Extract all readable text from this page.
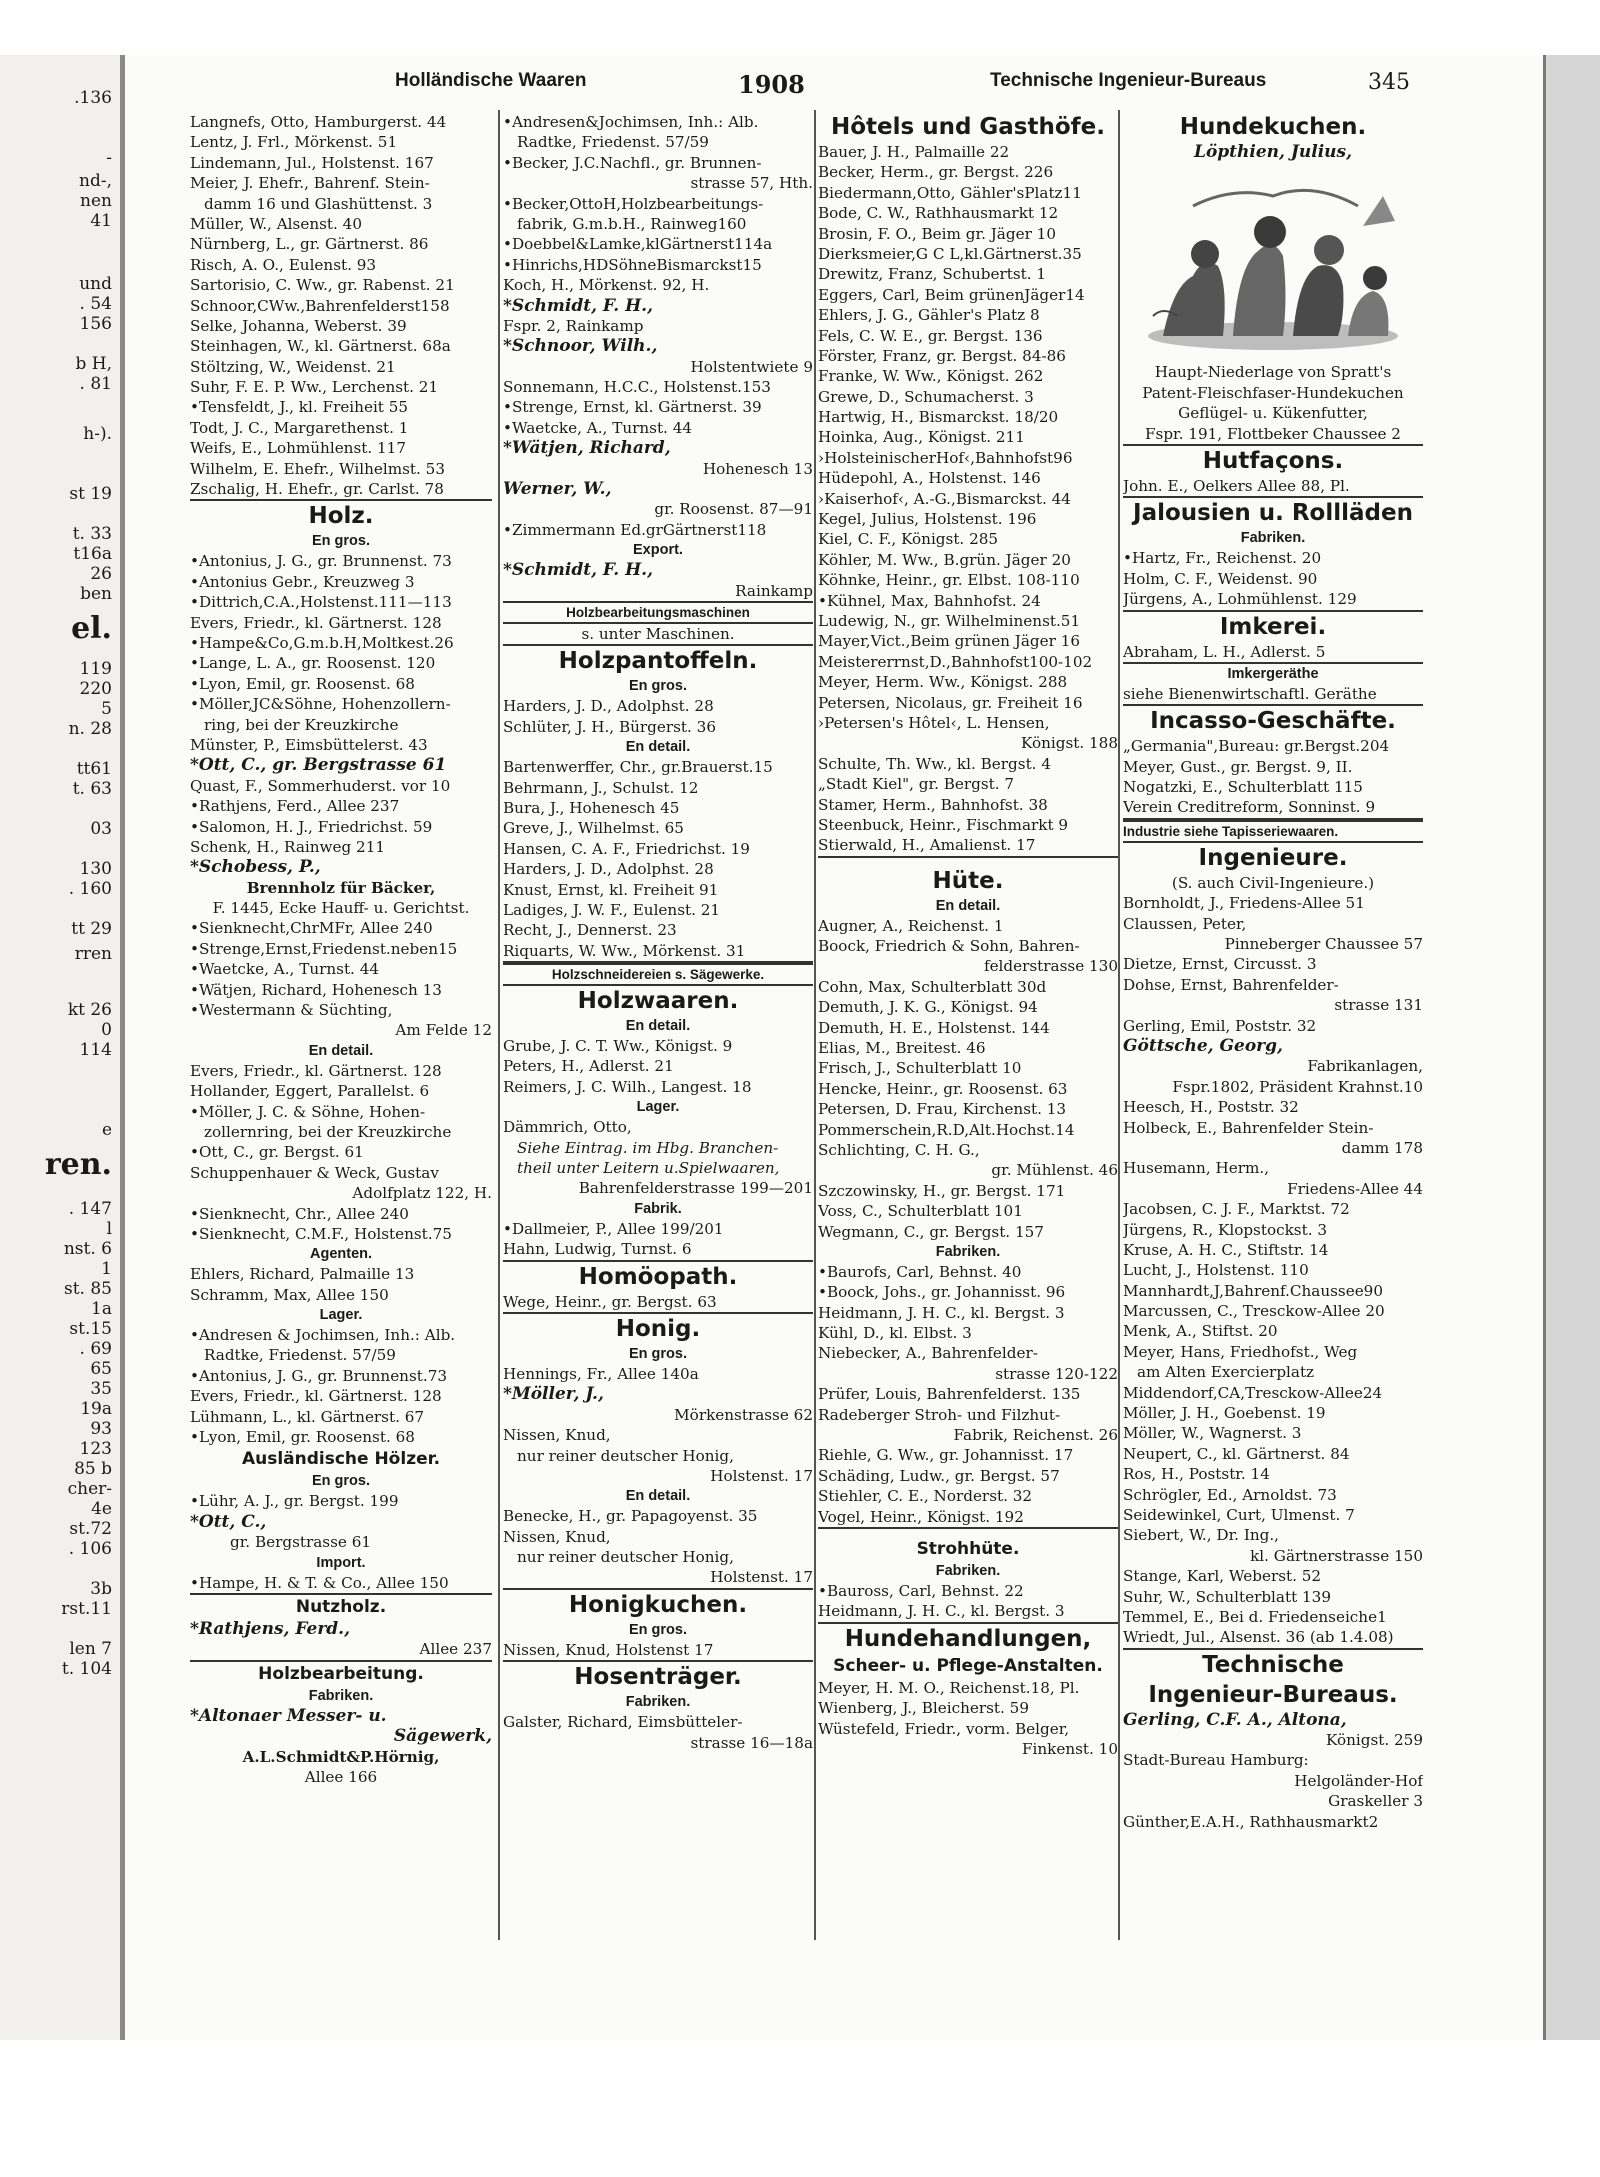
.136
-
nd-,
nen
41
und
. 54
156
b H,
. 81
h-).
st 19
t. 33
t16a
26
ben
el.
119
220
5
n. 28
tt61
t. 63
03
130
. 160
tt 29
rren
kt 26
0
114
e
ren.
. 147
l
nst. 6
1
st. 85
1a
st.15
. 69
65
35
19a
93
123
85 b
cher-
4e
st.72
. 106
3b
rst.11
len 7
t. 104
Holländische Waaren	1908	Technische Ingenieur-Bureaus	345
Langnefs, Otto, Hamburgerst. 44
Lentz, J. Frl., Mörkenst. 51
Lindemann, Jul., Holstenst. 167
Meier, J. Ehefr., Bahrenf. Stein-
damm 16 und Glashüttenst. 3
Müller, W., Alsenst. 40
Nürnberg, L., gr. Gärtnerst. 86
Risch, A. O., Eulenst. 93
Sartorisio, C. Ww., gr. Rabenst. 21
Schnoor,CWw.,Bahrenfelderst158
Selke, Johanna, Weberst. 39
Steinhagen, W., kl. Gärtnerst. 68a
Stöltzing, W., Weidenst. 21
Suhr, F. E. P. Ww., Lerchenst. 21
•Tensfeldt, J., kl. Freiheit 55
Todt, J. C., Margarethenst. 1
Weifs, E., Lohmühlenst. 117
Wilhelm, E. Ehefr., Wilhelmst. 53
Zschalig, H. Ehefr., gr. Carlst. 78
Holz.
En gros.
•Antonius, J. G., gr. Brunnenst. 73
•Antonius Gebr., Kreuzweg 3
•Dittrich,C.A.,Holstenst.111—113
Evers, Friedr., kl. Gärtnerst. 128
•Hampe&Co,G.m.b.H,Moltkest.26
•Lange, L. A., gr. Roosenst. 120
•Lyon, Emil, gr. Roosenst. 68
•Möller,JC&Söhne, Hohenzollern-
ring, bei der Kreuzkirche
Münster, P., Eimsbüttelerst. 43
*Ott, C., gr. Bergstrasse 61
Quast, F., Sommerhuderst. vor 10
•Rathjens, Ferd., Allee 237
•Salomon, H. J., Friedrichst. 59
Schenk, H., Rainweg 211
*Schobess, P.,
Brennholz für Bäcker,
F. 1445, Ecke Hauff- u. Gerichtst.
•Sienknecht,ChrMFr, Allee 240
•Strenge,Ernst,Friedenst.neben15
•Waetcke, A., Turnst. 44
•Wätjen, Richard, Hohenesch 13
•Westermann & Süchting,
Am Felde 12
En detail.
Evers, Friedr., kl. Gärtnerst. 128
Hollander, Eggert, Parallelst. 6
•Möller, J. C. & Söhne, Hohen-
zollernring, bei der Kreuzkirche
•Ott, C., gr. Bergst. 61
Schuppenhauer & Weck, Gustav
Adolfplatz 122, H.
•Sienknecht, Chr., Allee 240
•Sienknecht, C.M.F., Holstenst.75
Agenten.
Ehlers, Richard, Palmaille 13
Schramm, Max, Allee 150
Lager.
•Andresen & Jochimsen, Inh.: Alb.
Radtke, Friedenst. 57/59
•Antonius, J. G., gr. Brunnenst.73
Evers, Friedr., kl. Gärtnerst. 128
Lühmann, L., kl. Gärtnerst. 67
•Lyon, Emil, gr. Roosenst. 68
Ausländische Hölzer.
En gros.
•Lühr, A. J., gr. Bergst. 199
*Ott, C.,
gr. Bergstrasse 61
Import.
•Hampe, H. & T. & Co., Allee 150
Nutzholz.
*Rathjens, Ferd.,
Allee 237
Holzbearbeitung.
Fabriken.
*Altonaer Messer- u.
Sägewerk,
A.L.Schmidt&P.Hörnig,
Allee 166
•Andresen&Jochimsen, Inh.: Alb.
Radtke, Friedenst. 57/59
•Becker, J.C.Nachfl., gr. Brunnen-
strasse 57, Hth.
•Becker,OttoH,Holzbearbeitungs-
fabrik, G.m.b.H., Rainweg160
•Doebbel&Lamke,klGärtnerst114a
•Hinrichs,HDSöhneBismarckst15
Koch, H., Mörkenst. 92, H.
*Schmidt, F. H.,
Fspr. 2, Rainkamp
*Schnoor, Wilh.,
Holstentwiete 9
Sonnemann, H.C.C., Holstenst.153
•Strenge, Ernst, kl. Gärtnerst. 39
•Waetcke, A., Turnst. 44
*Wätjen, Richard,
Hohenesch 13
Werner, W.,
gr. Roosenst. 87—91
•Zimmermann Ed.grGärtnerst118
Export.
*Schmidt, F. H.,
Rainkamp
Holzbearbeitungsmaschinen
s. unter Maschinen.
Holzpantoffeln.
En gros.
Harders, J. D., Adolphst. 28
Schlüter, J. H., Bürgerst. 36
En detail.
Bartenwerffer, Chr., gr.Brauerst.15
Behrmann, J., Schulst. 12
Bura, J., Hohenesch 45
Greve, J., Wilhelmst. 65
Hansen, C. A. F., Friedrichst. 19
Harders, J. D., Adolphst. 28
Knust, Ernst, kl. Freiheit 91
Ladiges, J. W. F., Eulenst. 21
Recht, J., Dennerst. 23
Riquarts, W. Ww., Mörkenst. 31
Holzschneidereien s. Sägewerke.
Holzwaaren.
En detail.
Grube, J. C. T. Ww., Königst. 9
Peters, H., Adlerst. 21
Reimers, J. C. Wilh., Langest. 18
Lager.
Dämmrich, Otto,
Siehe Eintrag. im Hbg. Branchen-
theil unter Leitern u.Spielwaaren,
Bahrenfelderstrasse 199—201
Fabrik.
•Dallmeier, P., Allee 199/201
Hahn, Ludwig, Turnst. 6
Homöopath.
Wege, Heinr., gr. Bergst. 63
Honig.
En gros.
Hennings, Fr., Allee 140a
*Möller, J.,
Mörkenstrasse 62
Nissen, Knud,
nur reiner deutscher Honig,
Holstenst. 17
En detail.
Benecke, H., gr. Papagoyenst. 35
Nissen, Knud,
nur reiner deutscher Honig,
Holstenst. 17
Honigkuchen.
En gros.
Nissen, Knud, Holstenst 17
Hosenträger.
Fabriken.
Galster, Richard, Eimsbütteler-
strasse 16—18a
Hôtels und Gasthöfe.
Bauer, J. H., Palmaille 22
Becker, Herm., gr. Bergst. 226
Biedermann,Otto, Gähler'sPlatz11
Bode, C. W., Rathhausmarkt 12
Brosin, F. O., Beim gr. Jäger 10
Dierksmeier,G C L,kl.Gärtnerst.35
Drewitz, Franz, Schubertst. 1
Eggers, Carl, Beim grünenJäger14
Ehlers, J. G., Gähler's Platz 8
Fels, C. W. E., gr. Bergst. 136
Förster, Franz, gr. Bergst. 84-86
Franke, W. Ww., Königst. 262
Grewe, D., Schumacherst. 3
Hartwig, H., Bismarckst. 18/20
Hoinka, Aug., Königst. 211
›HolsteinischerHof‹,Bahnhofst96
Hüdepohl, A., Holstenst. 146
›Kaiserhof‹, A.-G.,Bismarckst. 44
Kegel, Julius, Holstenst. 196
Kiel, C. F., Königst. 285
Köhler, M. Ww., B.grün. Jäger 20
Köhnke, Heinr., gr. Elbst. 108-110
•Kühnel, Max, Bahnhofst. 24
Ludewig, N., gr. Wilhelminenst.51
Mayer,Vict.,Beim grünen Jäger 16
Meistererrnst,D.,Bahnhofst100-102
Meyer, Herm. Ww., Königst. 288
Petersen, Nicolaus, gr. Freiheit 16
›Petersen's Hôtel‹, L. Hensen,
Königst. 188
Schulte, Th. Ww., kl. Bergst. 4
„Stadt Kiel", gr. Bergst. 7
Stamer, Herm., Bahnhofst. 38
Steenbuck, Heinr., Fischmarkt 9
Stierwald, H., Amalienst. 17
Hüte.
En detail.
Augner, A., Reichenst. 1
Boock, Friedrich & Sohn, Bahren-
felderstrasse 130
Cohn, Max, Schulterblatt 30d
Demuth, J. K. G., Königst. 94
Demuth, H. E., Holstenst. 144
Elias, M., Breitest. 46
Frisch, J., Schulterblatt 10
Hencke, Heinr., gr. Roosenst. 63
Petersen, D. Frau, Kirchenst. 13
Pommerschein,R.D,Alt.Hochst.14
Schlichting, C. H. G.,
gr. Mühlenst. 46
Szczowinsky, H., gr. Bergst. 171
Voss, C., Schulterblatt 101
Wegmann, C., gr. Bergst. 157
Fabriken.
•Baurofs, Carl, Behnst. 40
•Boock, Johs., gr. Johannisst. 96
Heidmann, J. H. C., kl. Bergst. 3
Kühl, D., kl. Elbst. 3
Niebecker, A., Bahrenfelder-
strasse 120-122
Prüfer, Louis, Bahrenfelderst. 135
Radeberger Stroh- und Filzhut-
Fabrik, Reichenst. 26
Riehle, G. Ww., gr. Johannisst. 17
Schäding, Ludw., gr. Bergst. 57
Stiehler, C. E., Norderst. 32
Vogel, Heinr., Königst. 192
Strohhüte.
Fabriken.
•Bauross, Carl, Behnst. 22
Heidmann, J. H. C., kl. Bergst. 3
Hundehandlungen,
Scheer- u. Pflege-Anstalten.
Meyer, H. M. O., Reichenst.18, Pl.
Wienberg, J., Bleicherst. 59
Wüstefeld, Friedr., vorm. Belger,
Finkenst. 10
Hundekuchen.
Löpthien, Julius,
Haupt-Niederlage von Spratt's
Patent-Fleischfaser-Hundekuchen
Geflügel- u. Kükenfutter,
Fspr. 191, Flottbeker Chaussee 2
Hutfaçons.
John. E., Oelkers Allee 88, Pl.
Jalousien u. Rollläden
Fabriken.
•Hartz, Fr., Reichenst. 20
Holm, C. F., Weidenst. 90
Jürgens, A., Lohmühlenst. 129
Imkerei.
Abraham, L. H., Adlerst. 5
Imkergeräthe
siehe Bienenwirtschaftl. Geräthe
Incasso-Geschäfte.
„Germania",Bureau: gr.Bergst.204
Meyer, Gust., gr. Bergst. 9, II.
Nogatzki, E., Schulterblatt 115
Verein Creditreform, Sonninst. 9
Industrie siehe Tapisseriewaaren.
Ingenieure.
(S. auch Civil-Ingenieure.)
Bornholdt, J., Friedens-Allee 51
Claussen, Peter,
Pinneberger Chaussee 57
Dietze, Ernst, Circusst. 3
Dohse, Ernst, Bahrenfelder-
strasse 131
Gerling, Emil, Poststr. 32
Göttsche, Georg,
Fabrikanlagen,
Fspr.1802, Präsident Krahnst.10
Heesch, H., Poststr. 32
Holbeck, E., Bahrenfelder Stein-
damm 178
Husemann, Herm.,
Friedens-Allee 44
Jacobsen, C. J. F., Marktst. 72
Jürgens, R., Klopstockst. 3
Kruse, A. H. C., Stiftstr. 14
Lucht, J., Holstenst. 110
Mannhardt,J,Bahrenf.Chaussee90
Marcussen, C., Tresckow-Allee 20
Menk, A., Stiftst. 20
Meyer, Hans, Friedhofst., Weg
am Alten Exercierplatz
Middendorf,CA,Tresckow-Allee24
Möller, J. H., Goebenst. 19
Möller, W., Wagnerst. 3
Neupert, C., kl. Gärtnerst. 84
Ros, H., Poststr. 14
Schrögler, Ed., Arnoldst. 73
Seidewinkel, Curt, Ulmenst. 7
Siebert, W., Dr. Ing.,
kl. Gärtnerstrasse 150
Stange, Karl, Weberst. 52
Suhr, W., Schulterblatt 139
Temmel, E., Bei d. Friedenseiche1
Wriedt, Jul., Alsenst. 36 (ab 1.4.08)
Technische
Ingenieur-Bureaus.
Gerling, C.F. A., Altona,
Königst. 259
Stadt-Bureau Hamburg:
Helgoländer-Hof
Graskeller 3
Günther,E.A.H., Rathhausmarkt2
